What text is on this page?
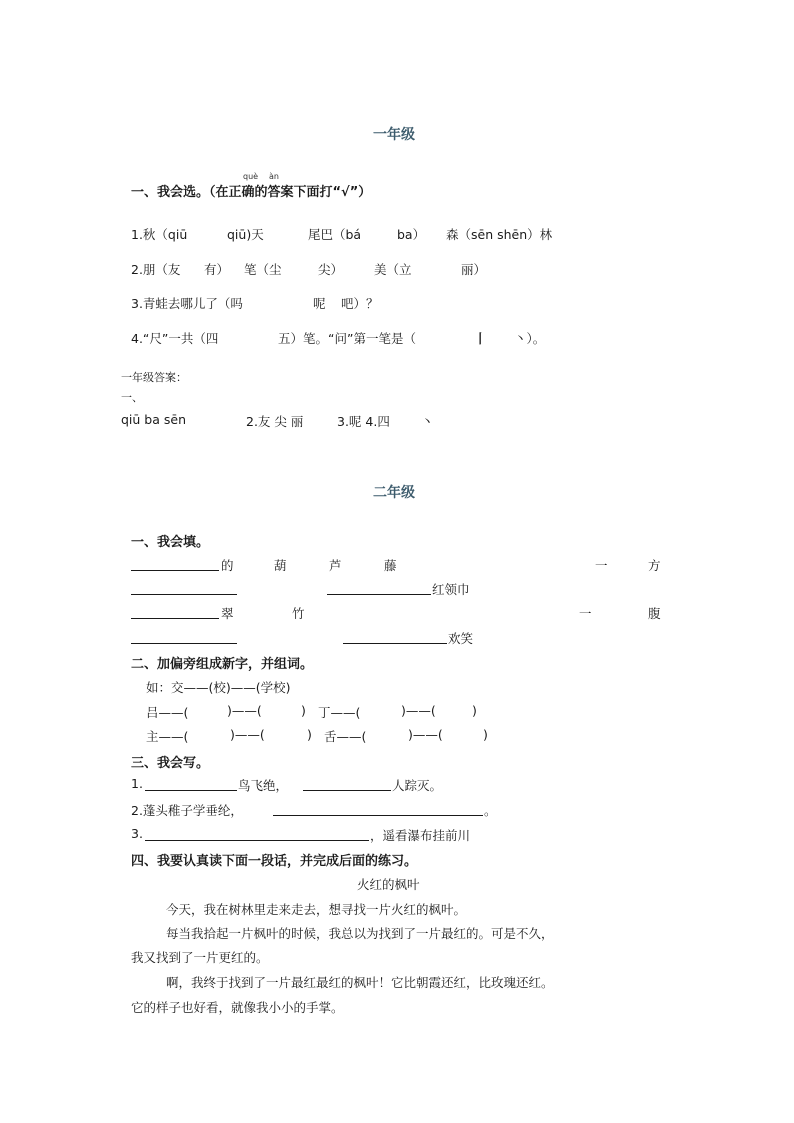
一年级
què àn
一、我会选。（在正确的答案下面打“√”）
1.秋（qiū	qiū)天	尾巴（bá	ba） 森（sēn shēn）林
2.朋（友 有） 笔（尘	尖） 美（立	丽）
3.青蛙去哪儿了（吗	呢 吧）？
4.“尺”一共（四	五）笔。“问”第一笔是（	丨 丶）。
一年级答案：
一、
qiū ba sēn	2.友 尖 丽	3.呢 4.四 丶
二年级
一、我会填。
的	葫	芦	藤	一	方
红领巾
翠	竹	一	腹
欢笑
二、加偏旁组成新字，并组词。
如：交——(校)——(学校)
吕——(	)——(	) 丁——(	)——(	)
主——(	)——(	) 舌——(	)——(	)
三、我会写。
1.	鸟飞绝，	人踪灭。
2.蓬头稚子学垂纶，	。
3.	，遥看瀑布挂前川
四、我要认真读下面一段话，并完成后面的练习。
火红的枫叶
今天，我在树林里走来走去，想寻找一片火红的枫叶。
每当我拾起一片枫叶的时候，我总以为找到了一片最红的。可是不久，
我又找到了一片更红的。
啊，我终于找到了一片最红最红的枫叶！它比朝霞还红，比玫瑰还红。
它的样子也好看，就像我小小的手掌。
